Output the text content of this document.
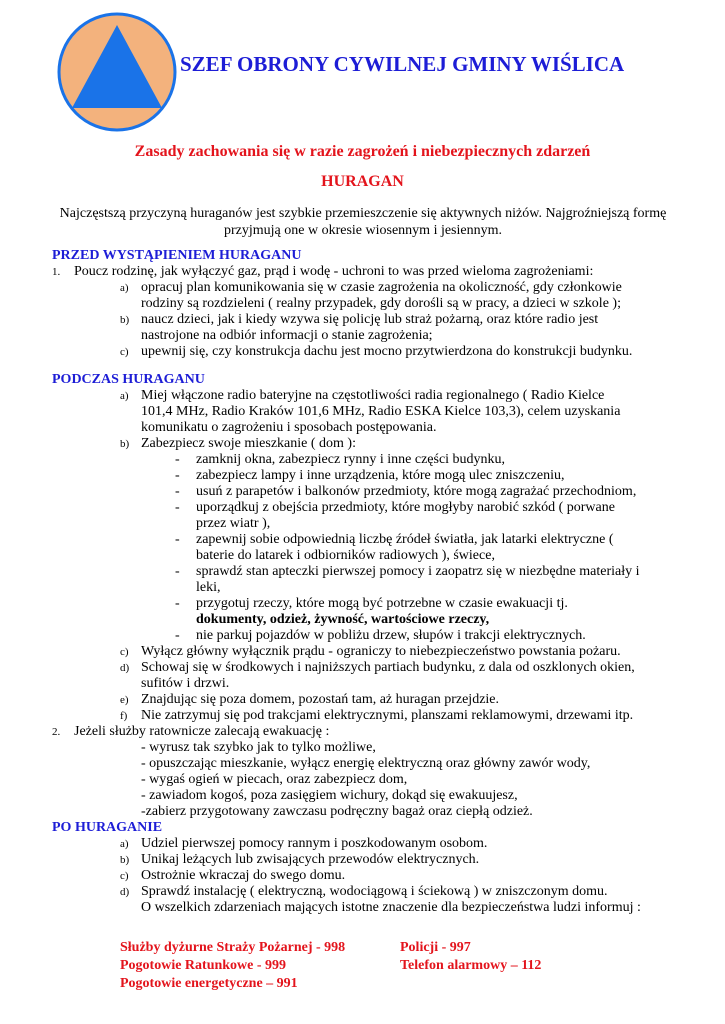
SZEF OBRONY CYWILNEJ GMINY WIŚLICA
Zasady zachowania się w razie zagrożeń i niebezpiecznych zdarzeń
HURAGAN
Najczęstszą przyczyną huraganów jest szybkie przemieszczenie się aktywnych niżów. Najgroźniejszą formę przyjmują one w okresie wiosennym i jesiennym.
PRZED WYSTĄPIENIEM HURAGANU
1. Poucz rodzinę, jak wyłączyć gaz, prąd i wodę - uchroni to was przed wieloma zagrożeniami:
a) opracuj plan komunikowania się w czasie zagrożenia na okoliczność, gdy członkowie
rodziny są rozdzieleni ( realny przypadek, gdy dorośli są w pracy, a dzieci w szkole );
b) naucz dzieci, jak i kiedy wzywa się policję lub straż pożarną, oraz które radio jest
nastrojone na odbiór informacji o stanie zagrożenia;
c) upewnij się, czy konstrukcja dachu jest mocno przytwierdzona do konstrukcji budynku.
PODCZAS HURAGANU
a) Miej włączone radio bateryjne na częstotliwości radia regionalnego ( Radio Kielce
101,4 MHz, Radio Kraków 101,6 MHz, Radio ESKA Kielce 103,3), celem uzyskania
komunikatu o zagrożeniu i sposobach postępowania.
b) Zabezpiecz swoje mieszkanie ( dom ):
- zamknij okna, zabezpiecz rynny i inne części budynku,
- zabezpiecz lampy i inne urządzenia, które mogą ulec zniszczeniu,
- usuń z parapetów i balkonów przedmioty, które mogą zagrażać przechodniom,
- uporządkuj z obejścia przedmioty, które mogłyby narobić szkód ( porwane
przez wiatr ),
- zapewnij sobie odpowiednią liczbę źródeł światła, jak latarki elektryczne (
baterie do latarek i odbiorników radiowych ), świece,
- sprawdź stan apteczki pierwszej pomocy i zaopatrz się w niezbędne materiały i
leki,
- przygotuj rzeczy, które mogą być potrzebne w czasie ewakuacji tj.
dokumenty, odzież, żywność, wartościowe rzeczy,
- nie parkuj pojazdów w pobliżu drzew, słupów i trakcji elektrycznych.
c) Wyłącz główny wyłącznik prądu - ograniczy to niebezpieczeństwo powstania pożaru.
d) Schowaj się w środkowych i najniższych partiach budynku, z dala od oszklonych okien,
sufitów i drzwi.
e) Znajdując się poza domem, pozostań tam, aż huragan przejdzie.
f) Nie zatrzymuj się pod trakcjami elektrycznymi, planszami reklamowymi, drzewami itp.
2. Jeżeli służby ratownicze zalecają ewakuację :
- wyrusz tak szybko jak to tylko możliwe,
- opuszczając mieszkanie, wyłącz energię elektryczną oraz główny zawór wody,
- wygaś ogień w piecach, oraz zabezpiecz dom,
- zawiadom kogoś, poza zasięgiem wichury, dokąd się ewakuujesz,
-zabierz przygotowany zawczasu podręczny bagaż oraz ciepłą odzież.
PO HURAGANIE
a) Udziel pierwszej pomocy rannym i poszkodowanym osobom.
b) Unikaj leżących lub zwisających przewodów elektrycznych.
c) Ostrożnie wkraczaj do swego domu.
d) Sprawdź instalację ( elektryczną, wodociągową i ściekową ) w zniszczonym domu.
O wszelkich zdarzeniach mających istotne znaczenie dla bezpieczeństwa ludzi informuj :
Służby dyżurne Straży Pożarnej - 998	Policji - 997
Pogotowie Ratunkowe - 999	Telefon alarmowy – 112
Pogotowie energetyczne – 991
